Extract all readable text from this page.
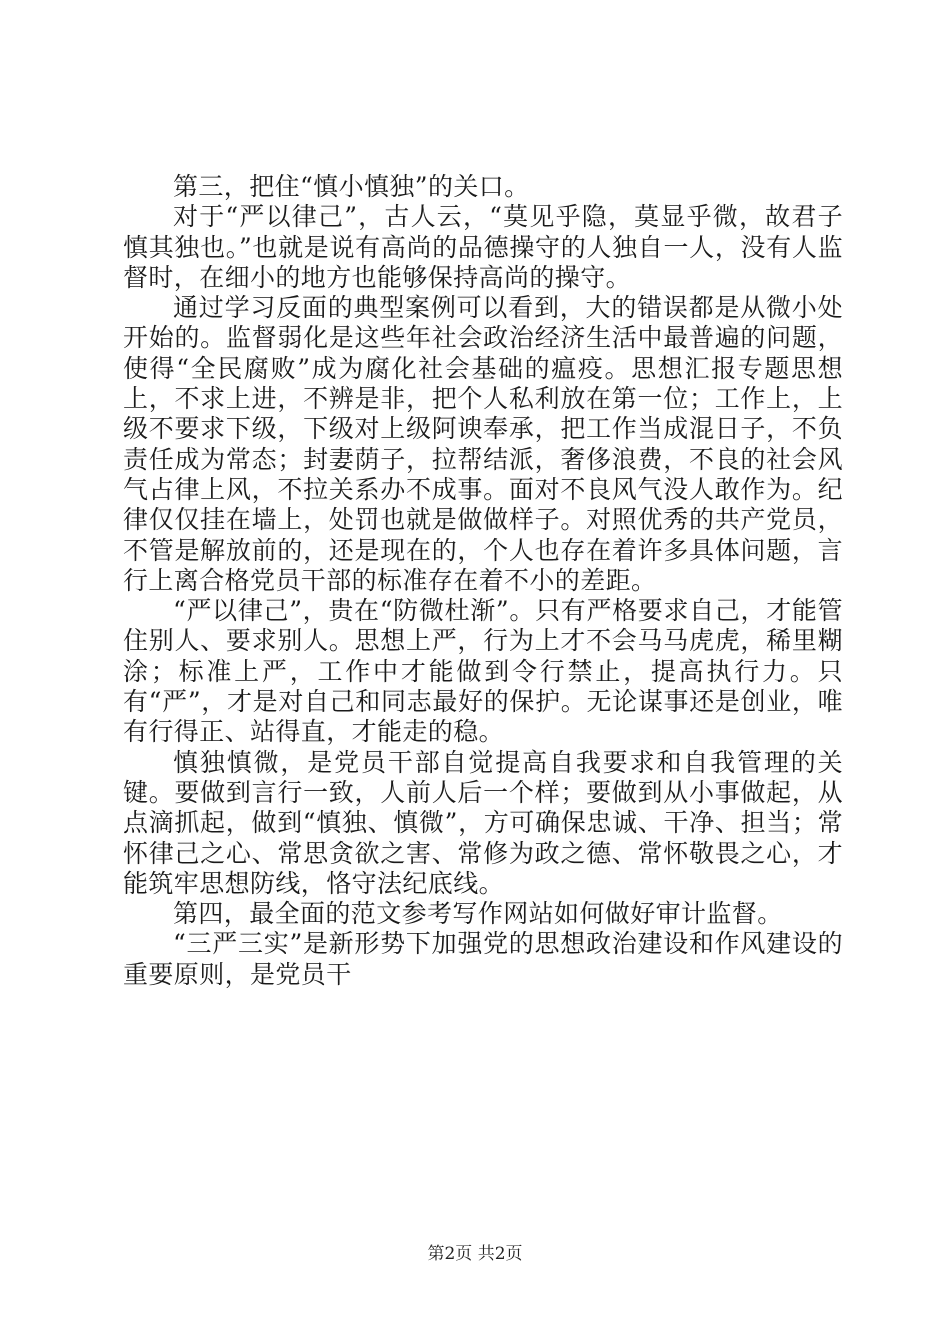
第三，把住“慎小慎独”的关口。

对于“严以律己”，古人云，“莫见乎隐，莫显乎微，故君子慎其独也。”也就是说有高尚的品德操守的人独自一人，没有人监督时，在细小的地方也能够保持高尚的操守。

通过学习反面的典型案例可以看到，大的错误都是从微小处开始的。监督弱化是这些年社会政治经济生活中最普遍的问题，使得“全民腐败”成为腐化社会基础的瘟疫。思想汇报专题思想上，不求上进，不辨是非，把个人私利放在第一位；工作上，上级不要求下级，下级对上级阿谀奉承，把工作当成混日子，不负责任成为常态；封妻荫子，拉帮结派，奢侈浪费，不良的社会风气占律上风，不拉关系办不成事。面对不良风气没人敢作为。纪律仅仅挂在墙上，处罚也就是做做样子。对照优秀的共产党员，不管是解放前的，还是现在的，个人也存在着许多具体问题，言行上离合格党员干部的标准存在着不小的差距。

“严以律己”，贵在“防微杜渐”。只有严格要求自己，才能管住别人、要求别人。思想上严，行为上才不会马马虎虎，稀里糊涂；标准上严，工作中才能做到令行禁止，提高执行力。只有“严”，才是对自己和同志最好的保护。无论谋事还是创业，唯有行得正、站得直，才能走的稳。

慎独慎微，是党员干部自觉提高自我要求和自我管理的关键。要做到言行一致，人前人后一个样；要做到从小事做起，从点滴抓起，做到“慎独、慎微”，方可确保忠诚、干净、担当；常怀律己之心、常思贪欲之害、常修为政之德、常怀敬畏之心，才能筑牢思想防线，恪守法纪底线。

第四，最全面的范文参考写作网站如何做好审计监督。

“三严三实”是新形势下加强党的思想政治建设和作风建设的重要原则，是党员干

第2页 共2页
